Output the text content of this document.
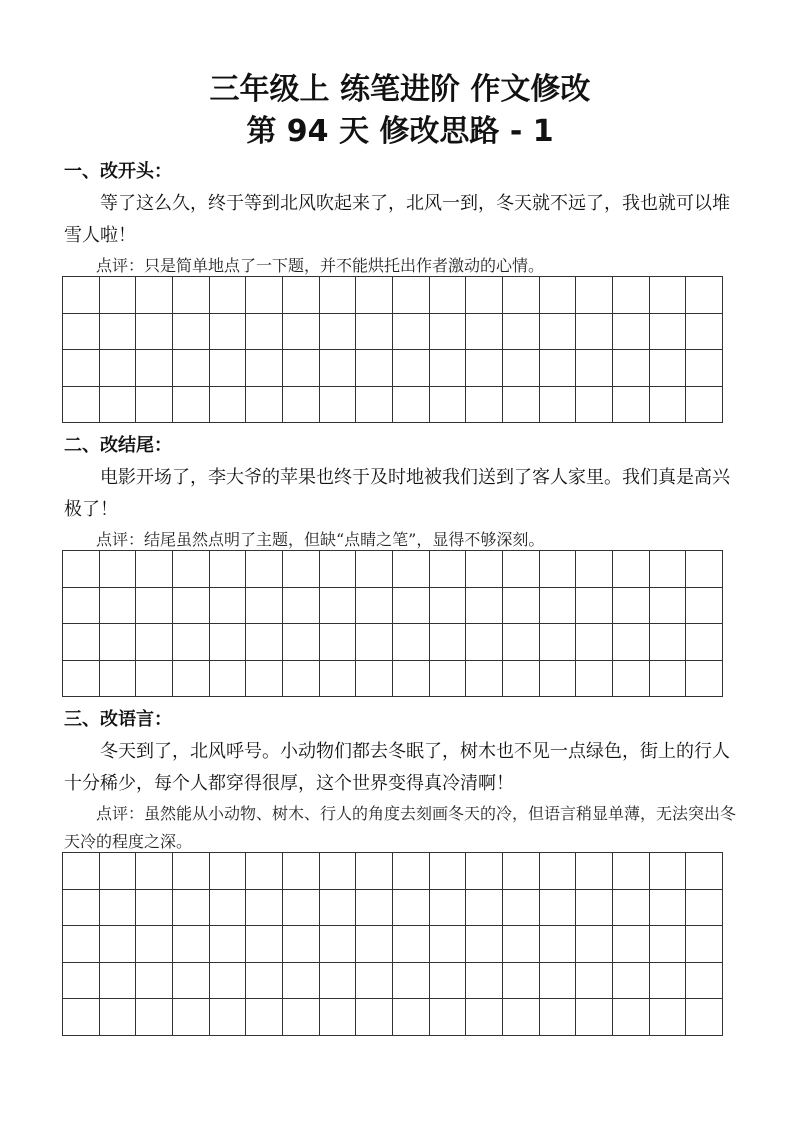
三年级上 练笔进阶 作文修改
第 94 天 修改思路 - 1
一、改开头：

等了这么久，终于等到北风吹起来了，北风一到，冬天就不远了，我也就可以堆雪人啦！

点评：只是简单地点了一下题，并不能烘托出作者激动的心情。

二、改结尾：

电影开场了，李大爷的苹果也终于及时地被我们送到了客人家里。我们真是高兴极了！

点评：结尾虽然点明了主题，但缺“点睛之笔”，显得不够深刻。

三、改语言：

冬天到了，北风呼号。小动物们都去冬眠了，树木也不见一点绿色，街上的行人十分稀少，每个人都穿得很厚，这个世界变得真冷清啊！

点评：虽然能从小动物、树木、行人的角度去刻画冬天的冷，但语言稍显单薄，无法突出冬天冷的程度之深。
